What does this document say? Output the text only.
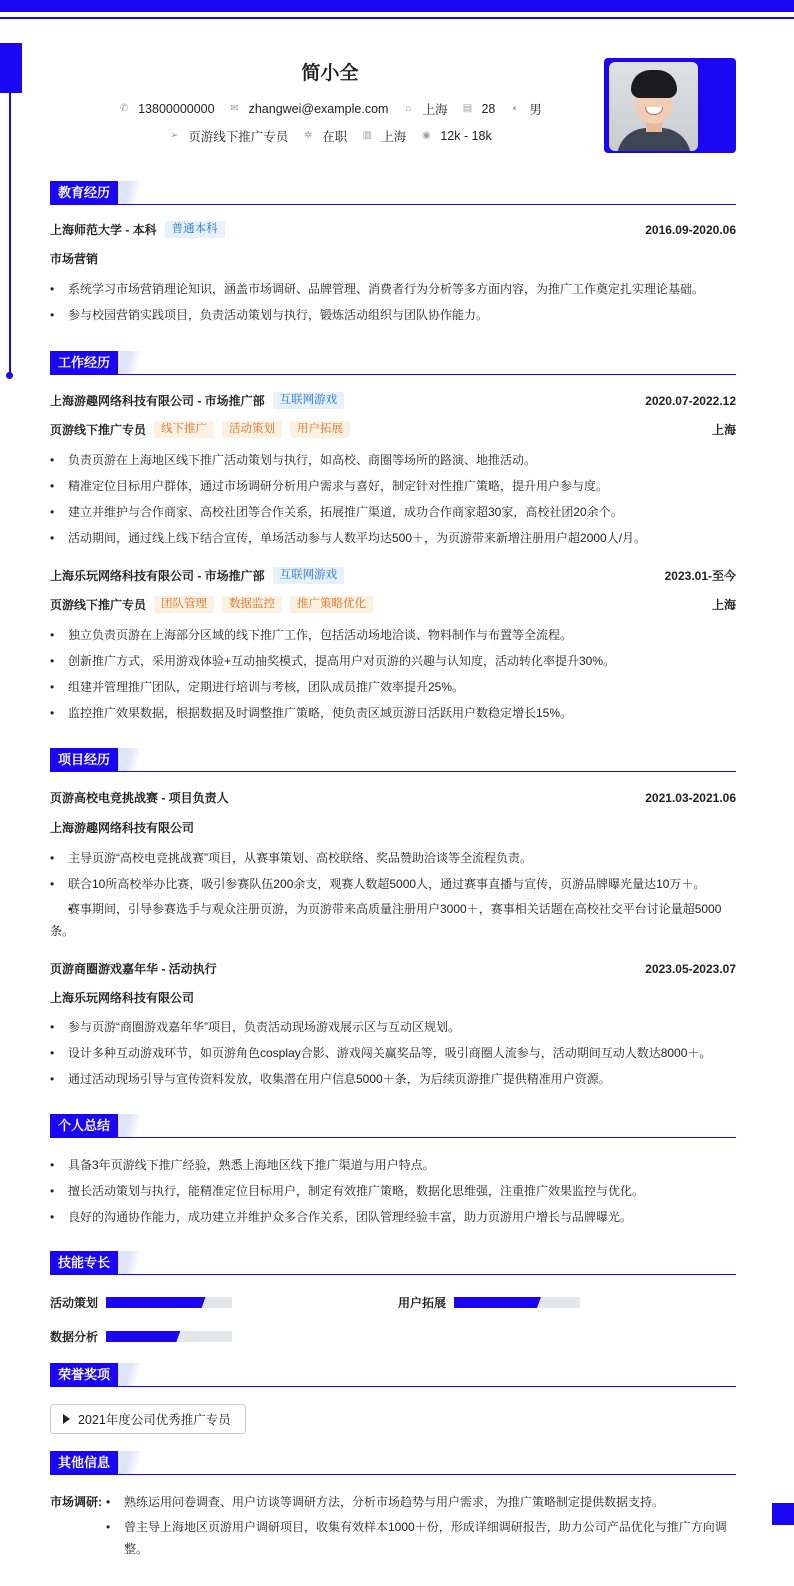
简小全
✆ 13800000000 ✉ zhangwei@example.com ⌂ 上海 ▤ 28 ◐ 男
➢ 页游线下推广专员 ✲ 在职 ▥ 上海 ◉ 12k - 18k
教育经历
上海师范大学 - 本科	普通本科	2016.09-2020.06
市场营销
• 系统学习市场营销理论知识，涵盖市场调研、品牌管理、消费者行为分析等多方面内容，为推广工作奠定扎实理论基础。
• 参与校园营销实践项目，负责活动策划与执行，锻炼活动组织与团队协作能力。
工作经历
上海游趣网络科技有限公司 - 市场推广部	互联网游戏	2020.07-2022.12
页游线下推广专员	线下推广	活动策划	用户拓展	上海
• 负责页游在上海地区线下推广活动策划与执行，如高校、商圈等场所的路演、地推活动。
• 精准定位目标用户群体，通过市场调研分析用户需求与喜好，制定针对性推广策略，提升用户参与度。
• 建立并维护与合作商家、高校社团等合作关系，拓展推广渠道，成功合作商家超30家，高校社团20余个。
• 活动期间，通过线上线下结合宣传，单场活动参与人数平均达500＋，为页游带来新增注册用户超2000人/月。
上海乐玩网络科技有限公司 - 市场推广部	互联网游戏	2023.01-至今
页游线下推广专员	团队管理	数据监控	推广策略优化	上海
• 独立负责页游在上海部分区域的线下推广工作，包括活动场地洽谈、物料制作与布置等全流程。
• 创新推广方式，采用游戏体验+互动抽奖模式，提高用户对页游的兴趣与认知度，活动转化率提升30%。
• 组建并管理推广团队，定期进行培训与考核，团队成员推广效率提升25%。
• 监控推广效果数据，根据数据及时调整推广策略，使负责区域页游日活跃用户数稳定增长15%。
项目经历
页游高校电竞挑战赛 - 项目负责人	2021.03-2021.06
上海游趣网络科技有限公司
• 主导页游“高校电竞挑战赛”项目，从赛事策划、高校联络、奖品赞助洽谈等全流程负责。
• 联合10所高校举办比赛，吸引参赛队伍200余支，观赛人数超5000人，通过赛事直播与宣传，页游品牌曝光量达10万＋。
• 赛事期间，引导参赛选手与观众注册页游，为页游带来高质量注册用户3000＋，赛事相关话题在高校社交平台讨论量超5000条。
页游商圈游戏嘉年华 - 活动执行	2023.05-2023.07
上海乐玩网络科技有限公司
• 参与页游“商圈游戏嘉年华”项目，负责活动现场游戏展示区与互动区规划。
• 设计多种互动游戏环节，如页游角色cosplay合影、游戏闯关赢奖品等，吸引商圈人流参与，活动期间互动人数达8000＋。
• 通过活动现场引导与宣传资料发放，收集潜在用户信息5000＋条，为后续页游推广提供精准用户资源。
个人总结
• 具备3年页游线下推广经验，熟悉上海地区线下推广渠道与用户特点。
• 擅长活动策划与执行，能精准定位目标用户，制定有效推广策略，数据化思维强，注重推广效果监控与优化。
• 良好的沟通协作能力，成功建立并维护众多合作关系，团队管理经验丰富，助力页游用户增长与品牌曝光。
技能专长
活动策划	用户拓展
数据分析
荣誉奖项
2021年度公司优秀推广专员
其他信息
市场调研:
•	熟练运用问卷调查、用户访谈等调研方法，分析市场趋势与用户需求，为推广策略制定提供数据支持。
• 曾主导上海地区页游用户调研项目，收集有效样本1000＋份，形成详细调研报告，助力公司产品优化与推广方向调整。
